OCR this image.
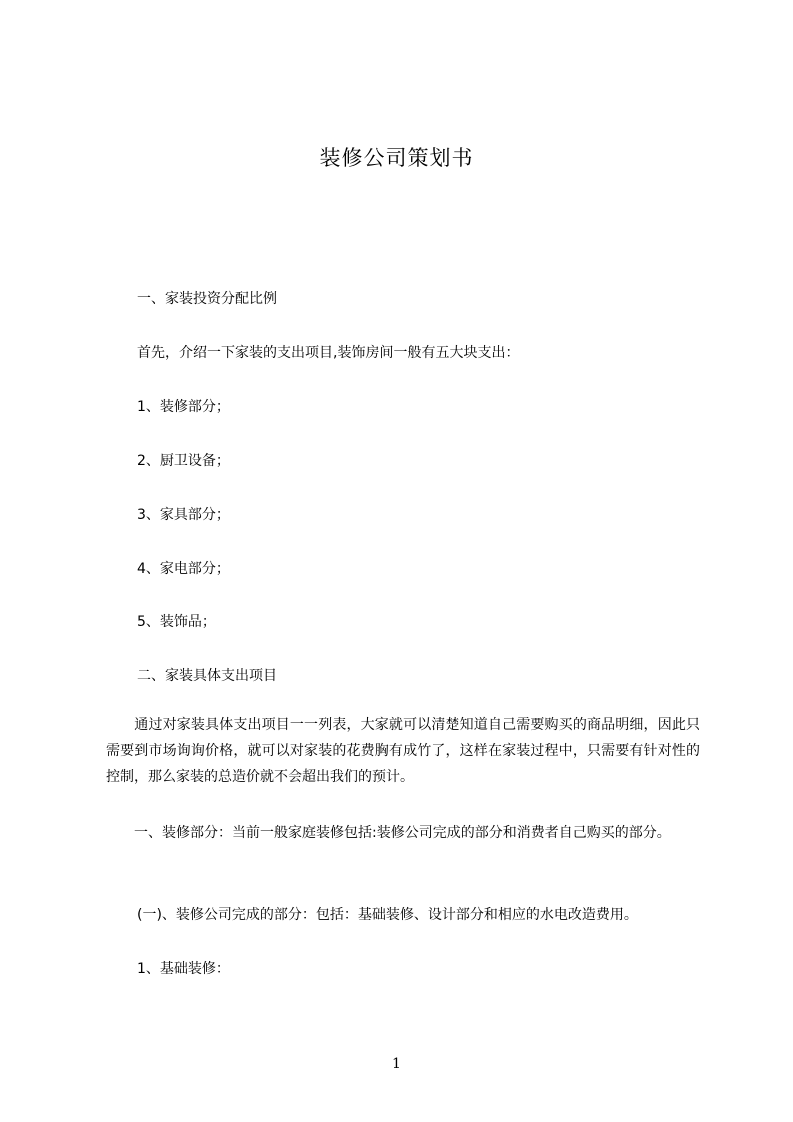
装修公司策划书

一、家装投资分配比例

首先，介绍一下家装的支出项目,装饰房间一般有五大块支出：

1、装修部分；

2、厨卫设备；

3、家具部分；

4、家电部分；

5、装饰品；

二、家装具体支出项目

　　通过对家装具体支出项目一一列表，大家就可以清楚知道自己需要购买的商品明细，因此只需要到市场询询价格，就可以对家装的花费胸有成竹了，这样在家装过程中，只需要有针对性的控制，那么家装的总造价就不会超出我们的预计。

　　一、装修部分：当前一般家庭装修包括:装修公司完成的部分和消费者自己购买的部分。

(一)、装修公司完成的部分：包括：基础装修、设计部分和相应的水电改造费用。

1、基础装修：

1
